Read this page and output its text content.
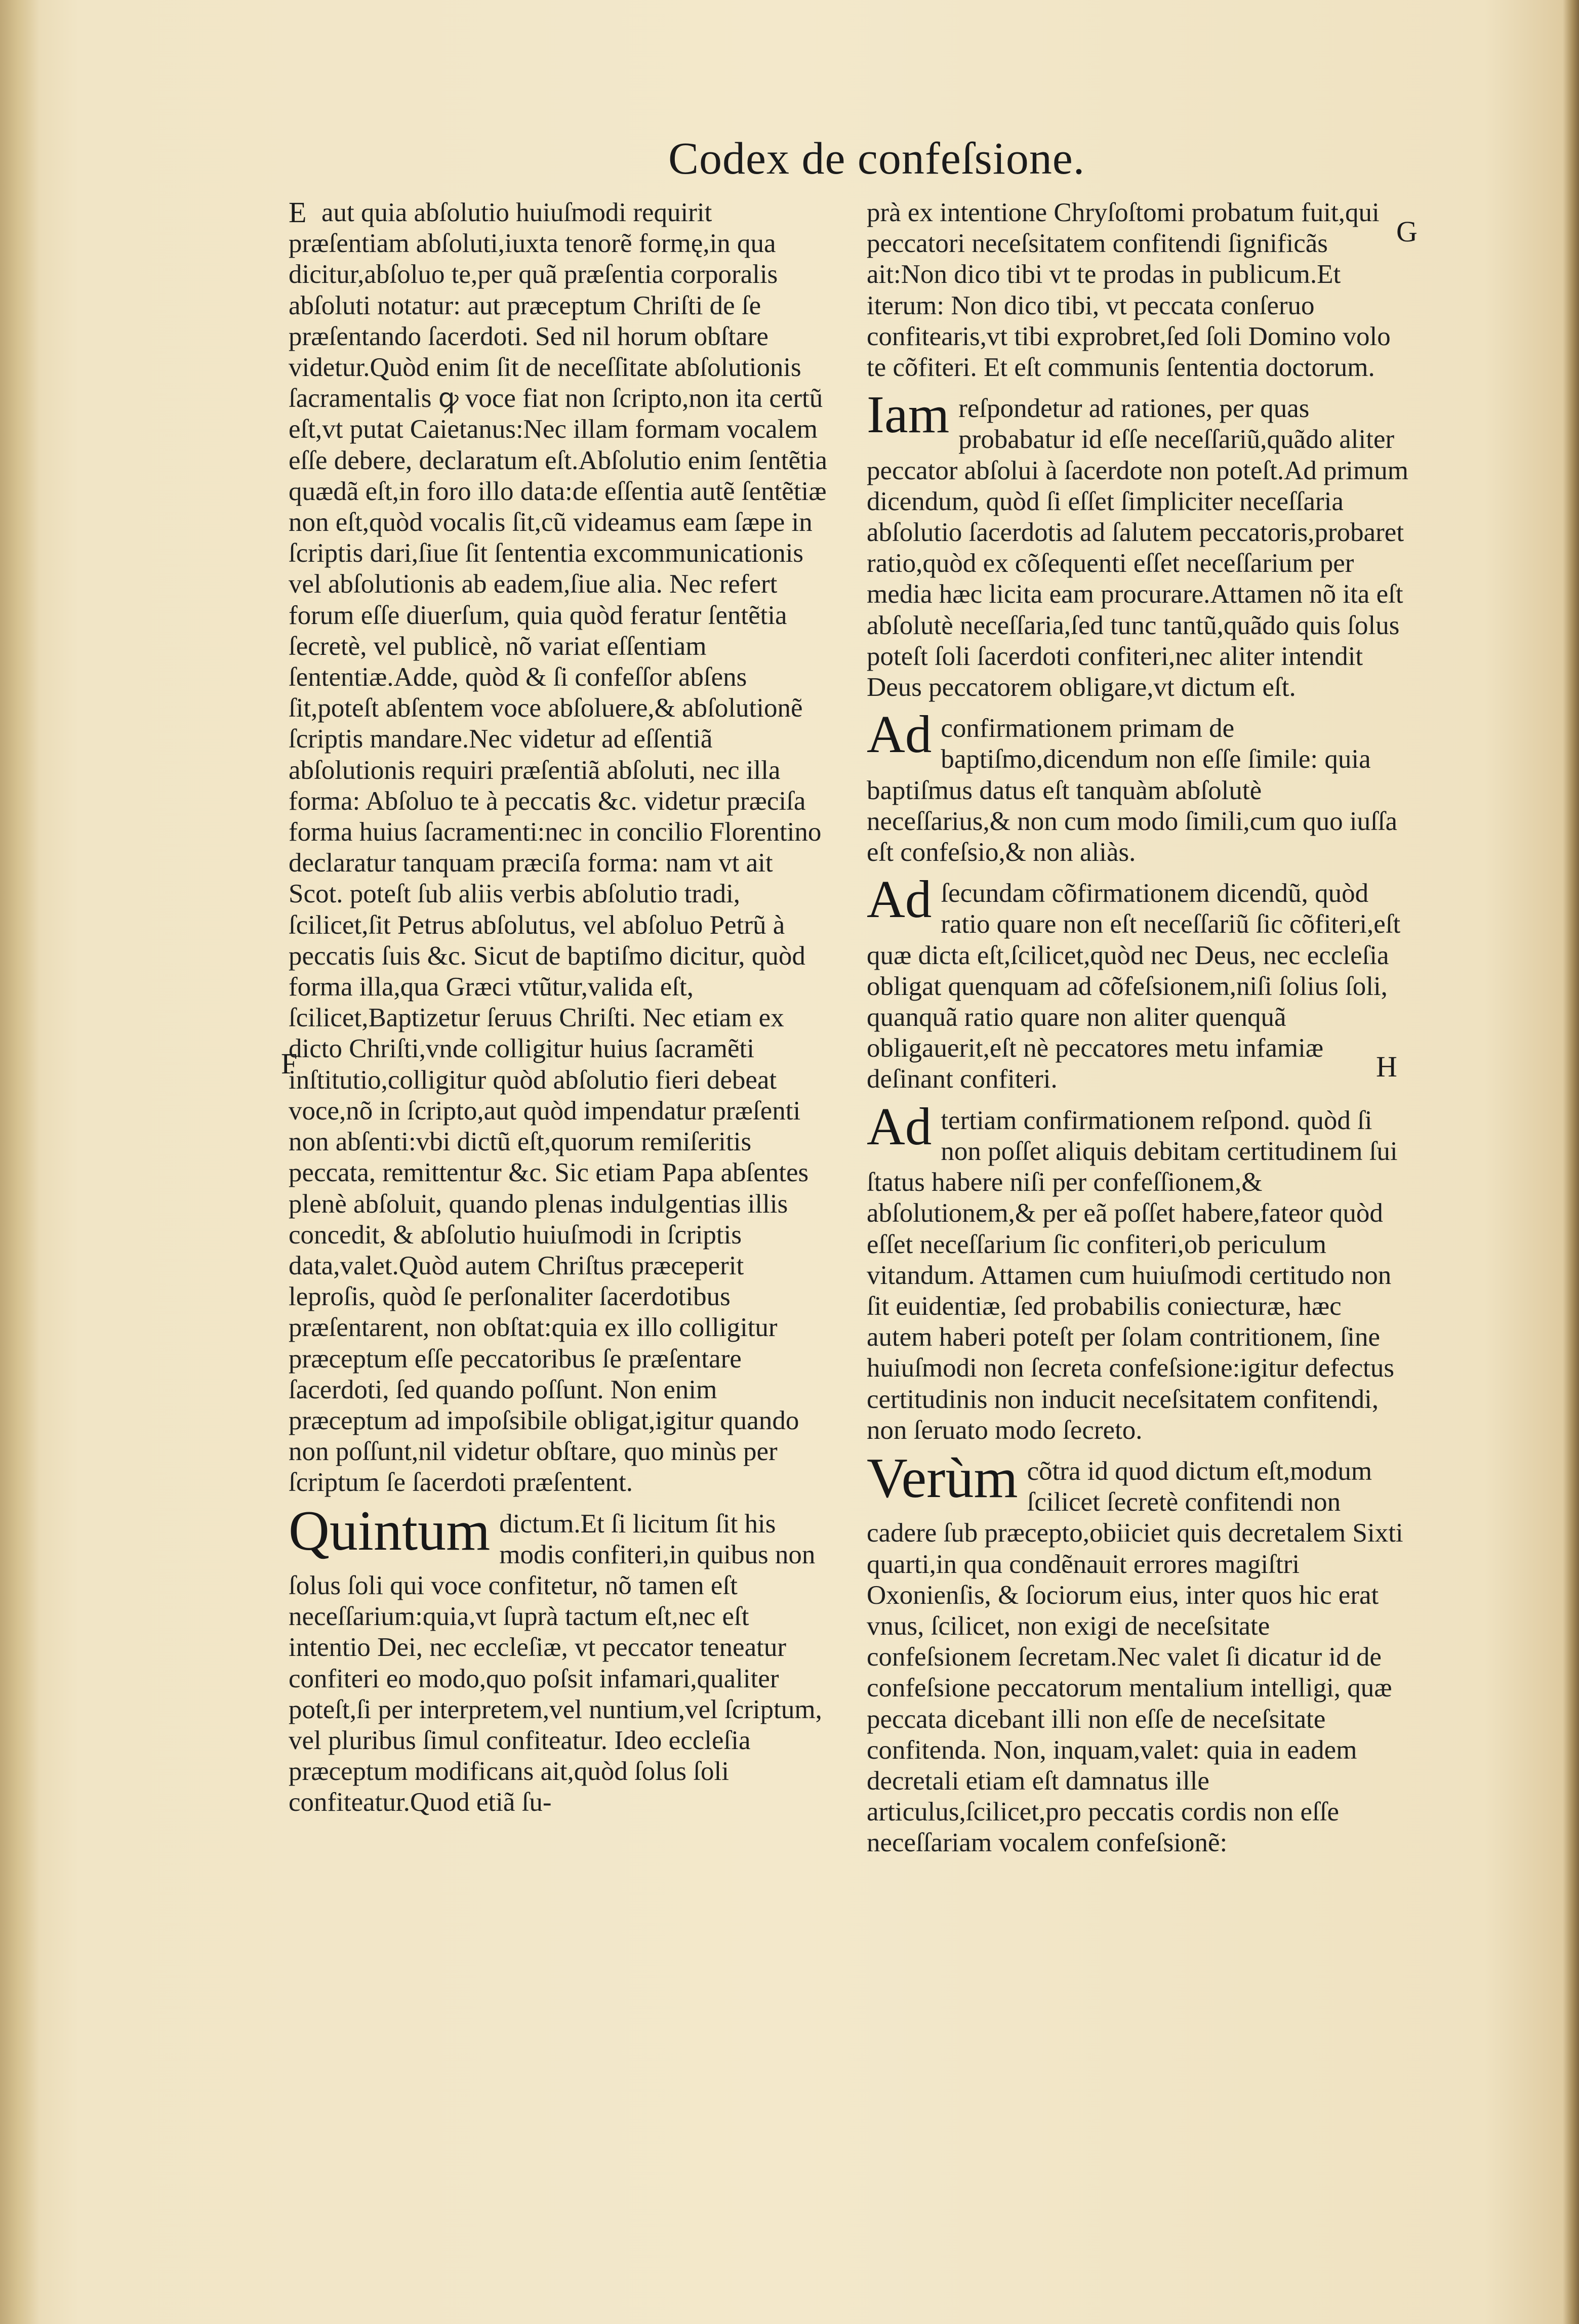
Codex de confeſsione.
E
F
G
H

aut quia abſolutio huiuſmodi requirit præſentiam abſoluti,iuxta tenorẽ formę,in qua dicitur,abſoluo te,per quã præſentia corporalis abſoluti notatur: aut præceptum Chriſti de ſe præſentando ſacerdoti. Sed nil horum obſtare videtur.Quòd enim ſit de neceſſitate abſolutionis ſacramentalis ꝙ voce fiat non ſcripto,non ita certũ eſt,vt putat Caietanus:Nec illam formam vocalem eſſe debere, declaratum eſt.Abſolutio enim ſentẽtia quædã eſt,in foro illo data:de eſſentia autẽ ſentẽtiæ non eſt,quòd vocalis ſit,cũ videamus eam ſæpe in ſcriptis dari,ſiue ſit ſententia excommunicationis vel abſolutionis ab eadem,ſiue alia. Nec refert forum eſſe diuerſum, quia quòd feratur ſentẽtia ſecretè, vel publicè, nõ variat eſſentiam ſententiæ.Adde, quòd & ſi confeſſor abſens ſit,poteſt abſentem voce abſoluere,& abſolutionẽ ſcriptis mandare.Nec videtur ad eſſentiã abſolutionis requiri præſentiã abſoluti, nec illa forma: Abſoluo te à peccatis &c. videtur præciſa forma huius ſacramenti:nec in concilio Florentino declaratur tanquam præciſa forma: nam vt ait Scot. poteſt ſub aliis verbis abſolutio tradi, ſcilicet,ſit Petrus abſolutus, vel abſoluo Petrũ à peccatis ſuis &c. Sicut de baptiſmo dicitur, quòd forma illa,qua Græci vtũtur,valida eſt, ſcilicet,Baptizetur ſeruus Chriſti. Nec etiam ex dicto Chriſti,vnde colligitur huius ſacramẽti inſtitutio,colligitur quòd abſolutio fieri debeat voce,nõ in ſcripto,aut quòd impendatur præſenti non abſenti:vbi dictũ eſt,quorum remiſeritis peccata, remittentur &c. Sic etiam Papa abſentes plenè abſoluit, quando plenas indulgentias illis concedit, & abſolutio huiuſmodi in ſcriptis data,valet.Quòd autem Chriſtus præceperit leproſis, quòd ſe perſonaliter ſacerdotibus præſentarent, non obſtat:quia ex illo colligitur præceptum eſſe peccatoribus ſe præſentare ſacerdoti, ſed quando poſſunt. Non enim præceptum ad impoſsibile obligat,igitur quando non poſſunt,nil videtur obſtare, quo minùs per ſcriptum ſe ſacerdoti præſentent.

Quintum dictum.Et ſi licitum ſit his modis confiteri,in quibus non ſolus ſoli qui voce confitetur, nõ tamen eſt neceſſarium:quia,vt ſuprà tactum eſt,nec eſt intentio Dei, nec eccleſiæ, vt peccator teneatur confiteri eo modo,quo poſsit infamari,qualiter poteſt,ſi per interpretem,vel nuntium,vel ſcriptum, vel pluribus ſimul confiteatur. Ideo eccleſia præceptum modificans ait,quòd ſolus ſoli confiteatur.Quod etiã ſu-

prà ex intentione Chryſoſtomi probatum fuit,qui peccatori neceſsitatem confitendi ſignificãs ait:Non dico tibi vt te prodas in publicum.Et iterum: Non dico tibi, vt peccata conſeruo confitearis,vt tibi exprobret,ſed ſoli Domino volo te cõfiteri. Et eſt communis ſententia doctorum.

Iam reſpondetur ad rationes, per quas probabatur id eſſe neceſſariũ,quãdo aliter peccator abſolui à ſacerdote non poteſt.Ad primum dicendum, quòd ſi eſſet ſimpliciter neceſſaria abſolutio ſacerdotis ad ſalutem peccatoris,probaret ratio,quòd ex cõſequenti eſſet neceſſarium per media hæc licita eam procurare.Attamen nõ ita eſt abſolutè neceſſaria,ſed tunc tantũ,quãdo quis ſolus poteſt ſoli ſacerdoti confiteri,nec aliter intendit Deus peccatorem obligare,vt dictum eſt.

Ad confirmationem primam de baptiſmo,dicendum non eſſe ſimile: quia baptiſmus datus eſt tanquàm abſolutè neceſſarius,& non cum modo ſimili,cum quo iuſſa eſt confeſsio,& non aliàs.

Ad ſecundam cõfirmationem dicendũ, quòd ratio quare non eſt neceſſariũ ſic cõfiteri,eſt quæ dicta eſt,ſcilicet,quòd nec Deus, nec eccleſia obligat quenquam ad cõfeſsionem,niſi ſolius ſoli, quanquã ratio quare non aliter quenquã obligauerit,eſt nè peccatores metu infamiæ deſinant confiteri.

Ad tertiam confirmationem reſpond. quòd ſi non poſſet aliquis debitam certitudinem ſui ſtatus habere niſi per confeſſionem,& abſolutionem,& per eã poſſet habere,fateor quòd eſſet neceſſarium ſic confiteri,ob periculum vitandum. Attamen cum huiuſmodi certitudo non ſit euidentiæ, ſed probabilis coniecturæ, hæc autem haberi poteſt per ſolam contritionem, ſine huiuſmodi non ſecreta confeſsione:igitur defectus certitudinis non inducit neceſsitatem confitendi, non ſeruato modo ſecreto.

Verùm cõtra id quod dictum eſt,modum ſcilicet ſecretè confitendi non cadere ſub præcepto,obiiciet quis decretalem Sixti quarti,in qua condẽnauit errores magiſtri Oxonienſis, & ſociorum eius, inter quos hic erat vnus, ſcilicet, non exigi de neceſsitate confeſsionem ſecretam.Nec valet ſi dicatur id de confeſsione peccatorum mentalium intelligi, quæ peccata dicebant illi non eſſe de neceſsitate confitenda. Non, inquam,valet: quia in eadem decretali etiam eſt damnatus ille articulus,ſcilicet,pro peccatis cordis non eſſe neceſſariam vocalem confeſsionẽ:
